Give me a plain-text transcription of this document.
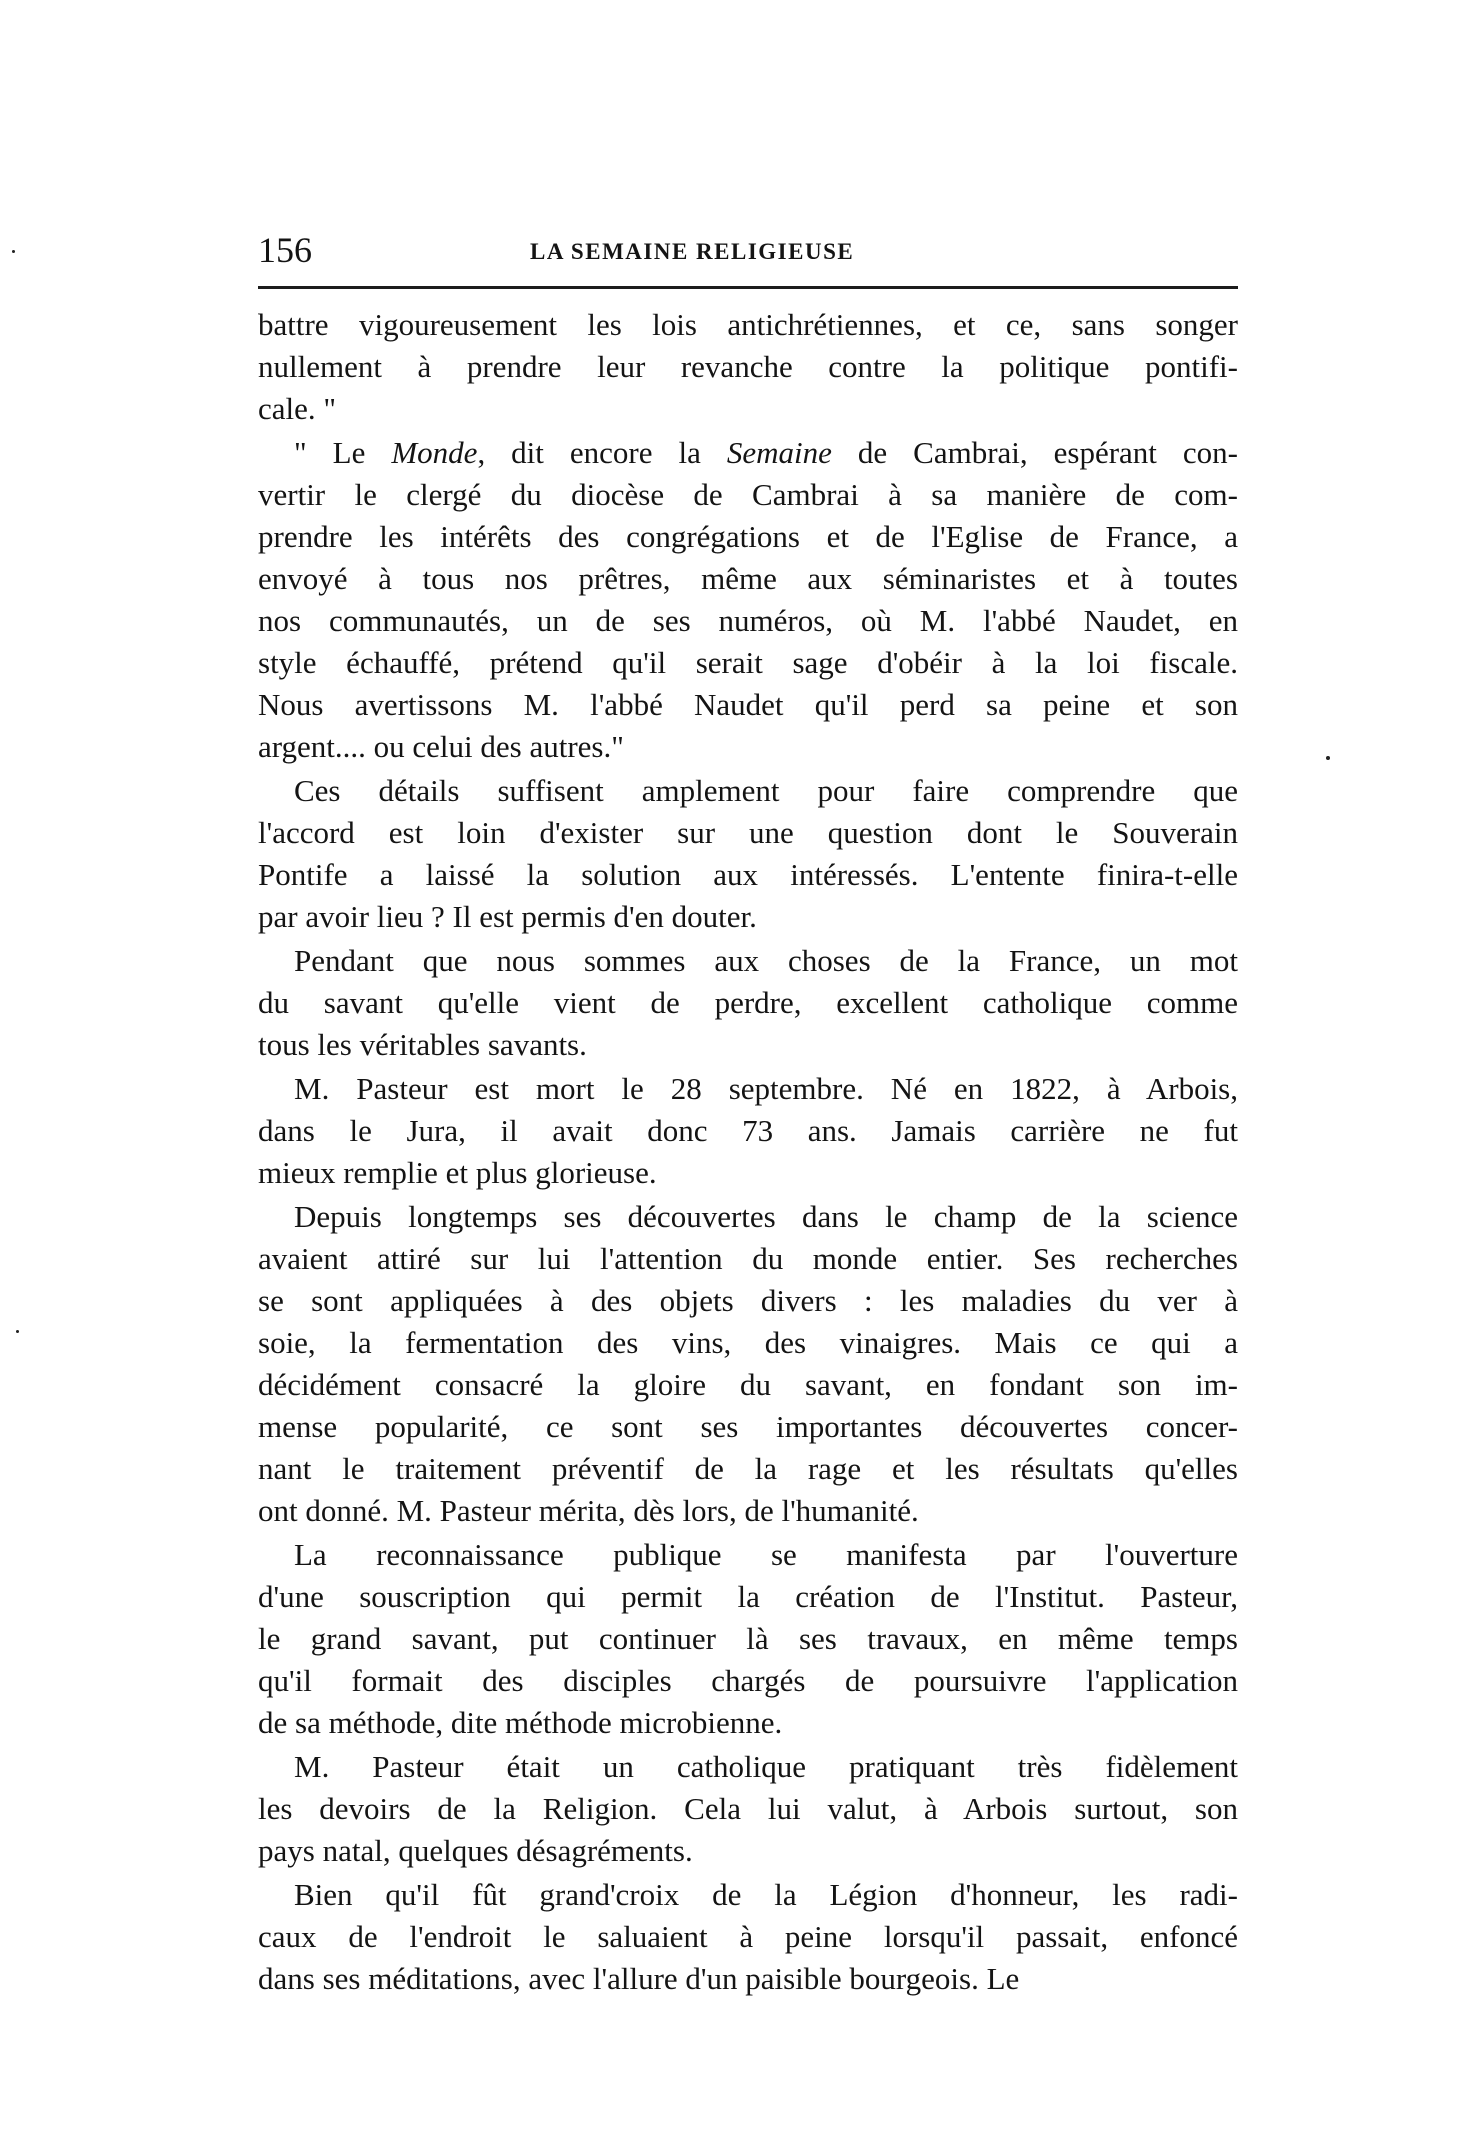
156	LA SEMAINE RELIGIEUSE
battre vigoureusement les lois antichrétiennes, et ce, sans songer
nullement à prendre leur revanche contre la politique pontifi-
cale. "
" Le Monde, dit encore la Semaine de Cambrai, espérant con-
vertir le clergé du diocèse de Cambrai à sa manière de com-
prendre les intérêts des congrégations et de l'Eglise de France, a
envoyé à tous nos prêtres, même aux séminaristes et à toutes
nos communautés, un de ses numéros, où M. l'abbé Naudet, en
style échauffé, prétend qu'il serait sage d'obéir à la loi fiscale.
Nous avertissons M. l'abbé Naudet qu'il perd sa peine et son
argent.... ou celui des autres."
Ces détails suffisent amplement pour faire comprendre que
l'accord est loin d'exister sur une question dont le Souverain
Pontife a laissé la solution aux intéressés. L'entente finira-t-elle
par avoir lieu ? Il est permis d'en douter.
Pendant que nous sommes aux choses de la France, un mot
du savant qu'elle vient de perdre, excellent catholique comme
tous les véritables savants.
M. Pasteur est mort le 28 septembre. Né en 1822, à Arbois,
dans le Jura, il avait donc 73 ans. Jamais carrière ne fut
mieux remplie et plus glorieuse.
Depuis longtemps ses découvertes dans le champ de la science
avaient attiré sur lui l'attention du monde entier. Ses recherches
se sont appliquées à des objets divers : les maladies du ver à
soie, la fermentation des vins, des vinaigres. Mais ce qui a
décidément consacré la gloire du savant, en fondant son im-
mense popularité, ce sont ses importantes découvertes concer-
nant le traitement préventif de la rage et les résultats qu'elles
ont donné. M. Pasteur mérita, dès lors, de l'humanité.
La reconnaissance publique se manifesta par l'ouverture
d'une souscription qui permit la création de l'Institut. Pasteur,
le grand savant, put continuer là ses travaux, en même temps
qu'il formait des disciples chargés de poursuivre l'application
de sa méthode, dite méthode microbienne.
M. Pasteur était un catholique pratiquant très fidèlement
les devoirs de la Religion. Cela lui valut, à Arbois surtout, son
pays natal, quelques désagréments.
Bien qu'il fût grand'croix de la Légion d'honneur, les radi-
caux de l'endroit le saluaient à peine lorsqu'il passait, enfoncé
dans ses méditations, avec l'allure d'un paisible bourgeois. Le
